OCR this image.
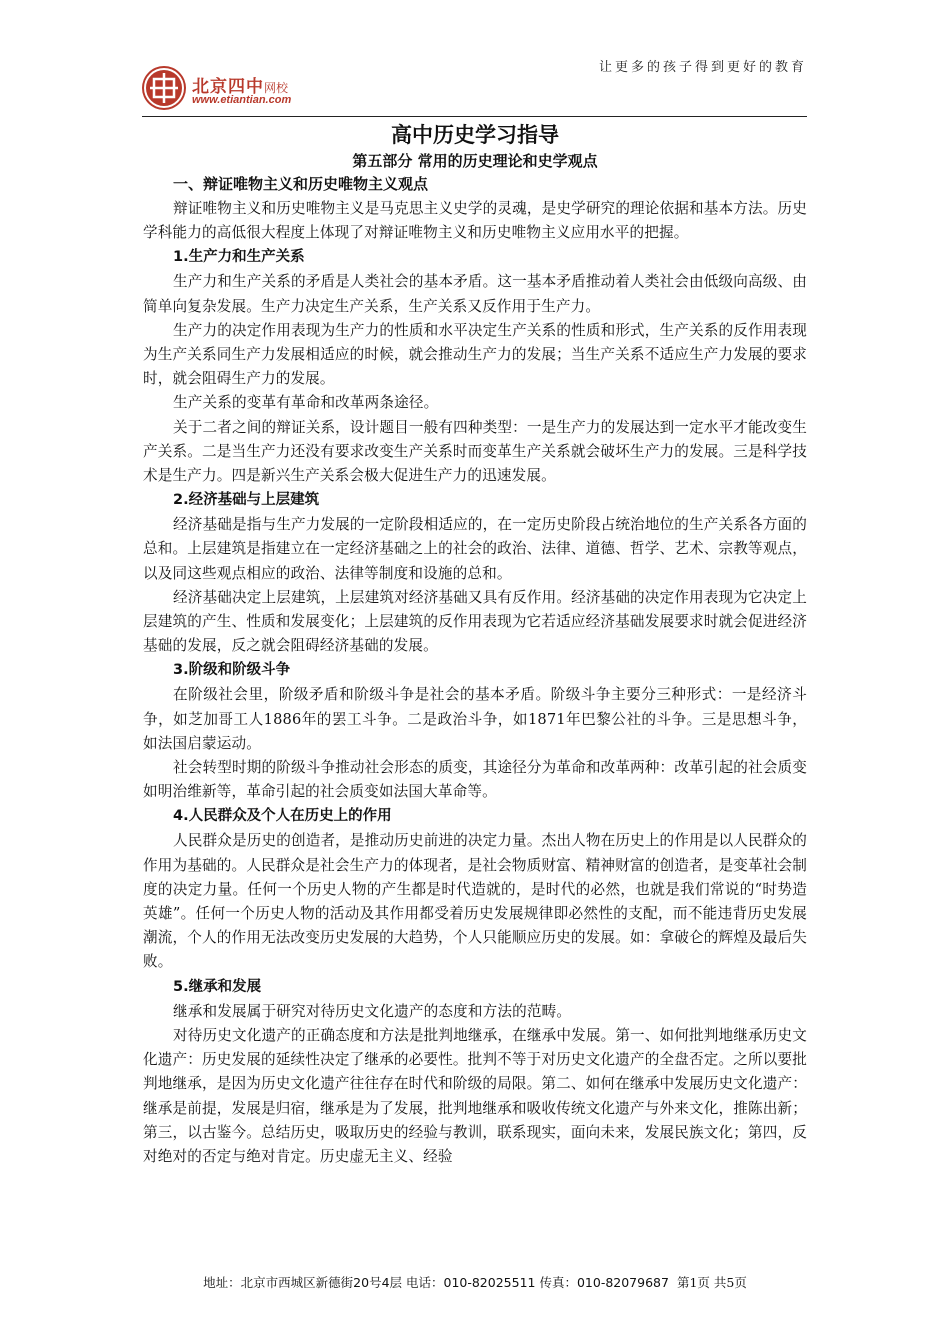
北京四中网校
www.etiantian.com
让更多的孩子得到更好的教育

高中历史学习指导

第五部分 常用的历史理论和史学观点

一、辩证唯物主义和历史唯物主义观点

辩证唯物主义和历史唯物主义是马克思主义史学的灵魂，是史学研究的理论依据和基本方法。历史学科能力的高低很大程度上体现了对辩证唯物主义和历史唯物主义应用水平的把握。

1.生产力和生产关系

生产力和生产关系的矛盾是人类社会的基本矛盾。这一基本矛盾推动着人类社会由低级向高级、由简单向复杂发展。生产力决定生产关系，生产关系又反作用于生产力。

生产力的决定作用表现为生产力的性质和水平决定生产关系的性质和形式，生产关系的反作用表现为生产关系同生产力发展相适应的时候，就会推动生产力的发展；当生产关系不适应生产力发展的要求时，就会阻碍生产力的发展。

生产关系的变革有革命和改革两条途径。

关于二者之间的辩证关系，设计题目一般有四种类型：一是生产力的发展达到一定水平才能改变生产关系。二是当生产力还没有要求改变生产关系时而变革生产关系就会破坏生产力的发展。三是科学技术是生产力。四是新兴生产关系会极大促进生产力的迅速发展。

2.经济基础与上层建筑

经济基础是指与生产力发展的一定阶段相适应的，在一定历史阶段占统治地位的生产关系各方面的总和。上层建筑是指建立在一定经济基础之上的社会的政治、法律、道德、哲学、艺术、宗教等观点，以及同这些观点相应的政治、法律等制度和设施的总和。

经济基础决定上层建筑，上层建筑对经济基础又具有反作用。经济基础的决定作用表现为它决定上层建筑的产生、性质和发展变化；上层建筑的反作用表现为它若适应经济基础发展要求时就会促进经济基础的发展，反之就会阻碍经济基础的发展。

3.阶级和阶级斗争

在阶级社会里，阶级矛盾和阶级斗争是社会的基本矛盾。阶级斗争主要分三种形式：一是经济斗争，如芝加哥工人1886年的罢工斗争。二是政治斗争，如1871年巴黎公社的斗争。三是思想斗争，如法国启蒙运动。

社会转型时期的阶级斗争推动社会形态的质变，其途径分为革命和改革两种：改革引起的社会质变如明治维新等，革命引起的社会质变如法国大革命等。

4.人民群众及个人在历史上的作用

人民群众是历史的创造者，是推动历史前进的决定力量。杰出人物在历史上的作用是以人民群众的作用为基础的。人民群众是社会生产力的体现者，是社会物质财富、精神财富的创造者，是变革社会制度的决定力量。任何一个历史人物的产生都是时代造就的，是时代的必然，也就是我们常说的“时势造英雄”。任何一个历史人物的活动及其作用都受着历史发展规律即必然性的支配，而不能违背历史发展潮流，个人的作用无法改变历史发展的大趋势，个人只能顺应历史的发展。如：拿破仑的辉煌及最后失败。

5.继承和发展

继承和发展属于研究对待历史文化遗产的态度和方法的范畴。

对待历史文化遗产的正确态度和方法是批判地继承，在继承中发展。第一、如何批判地继承历史文化遗产：历史发展的延续性决定了继承的必要性。批判不等于对历史文化遗产的全盘否定。之所以要批判地继承，是因为历史文化遗产往往存在时代和阶级的局限。第二、如何在继承中发展历史文化遗产：继承是前提，发展是归宿，继承是为了发展，批判地继承和吸收传统文化遗产与外来文化，推陈出新；第三，以古鉴今。总结历史，吸取历史的经验与教训，联系现实，面向未来，发展民族文化；第四，反对绝对的否定与绝对肯定。历史虚无主义、经验

地址：北京市西城区新德街20号4层 电话：010-82025511 传真：010-82079687 第1页 共5页
